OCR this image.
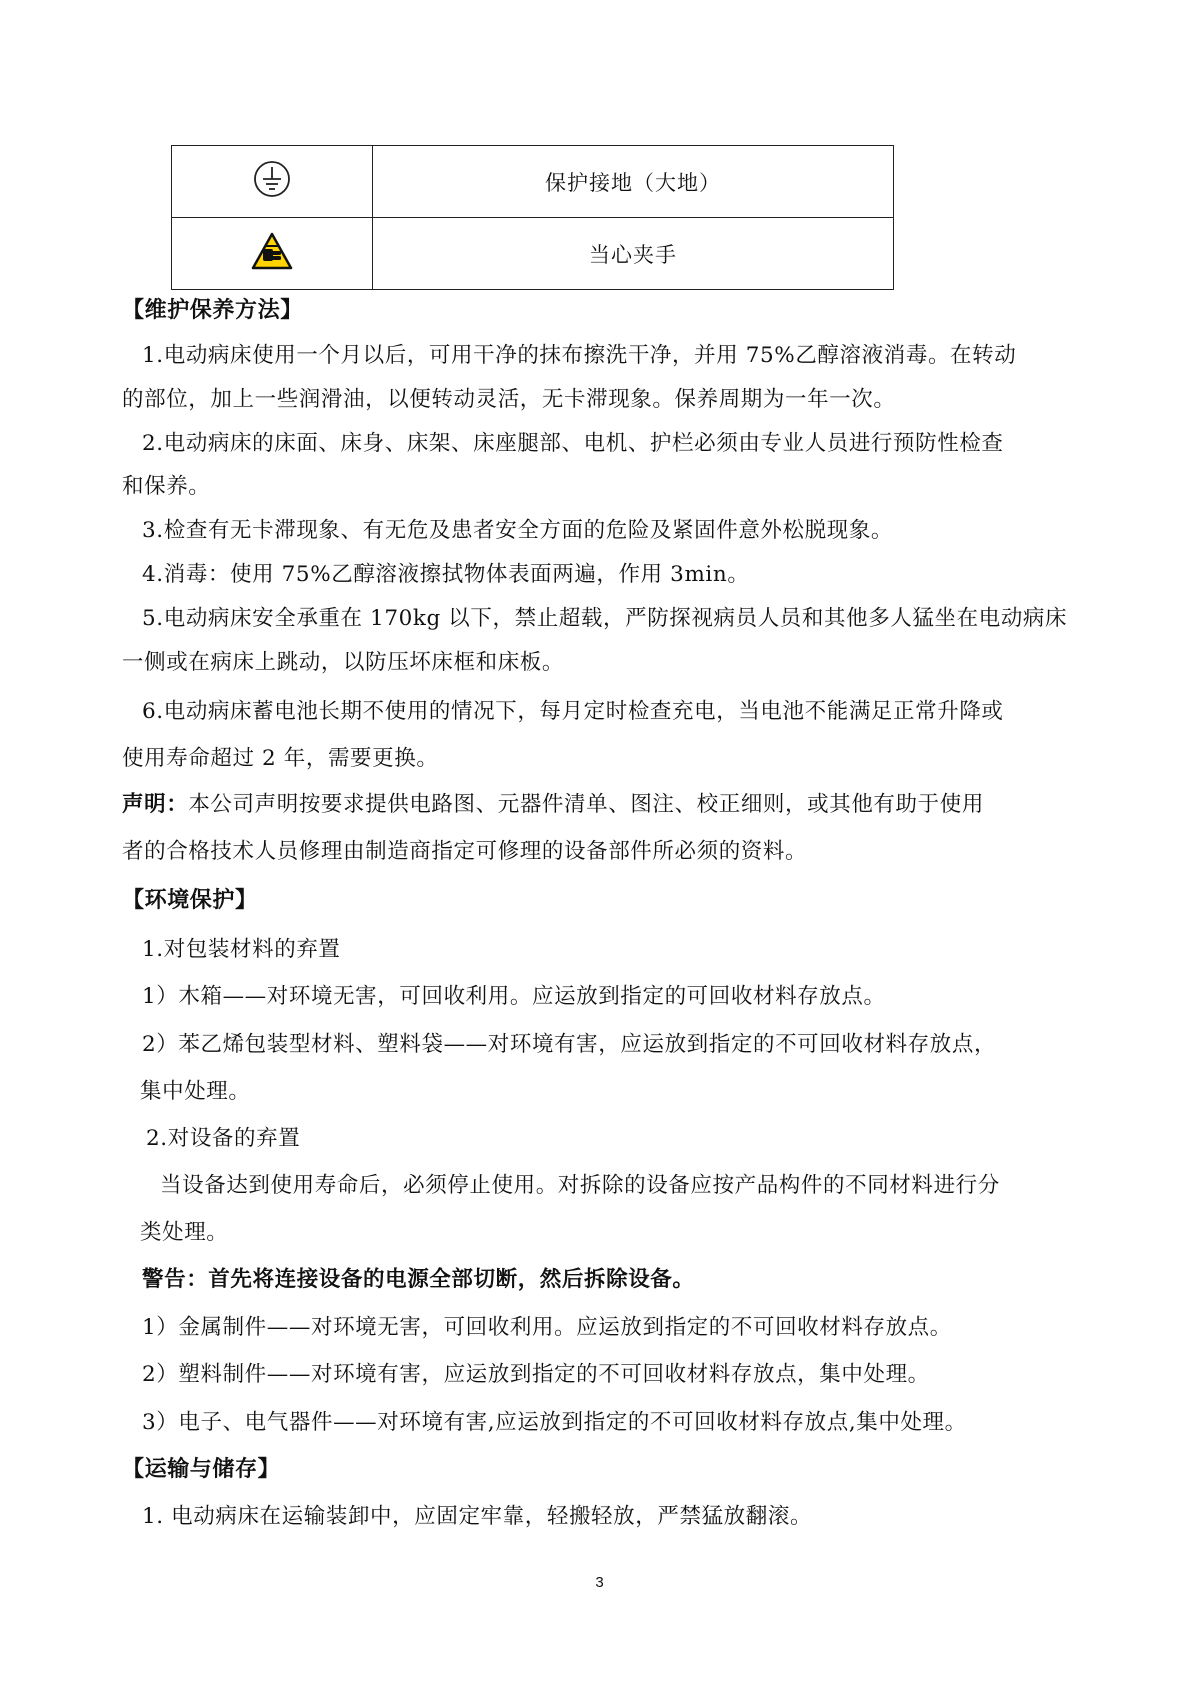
	保护接地（大地）
	当心夹手
【维护保养方法】
1.电动病床使用一个月以后，可用干净的抹布擦洗干净，并用 75%乙醇溶液消毒。在转动
的部位，加上一些润滑油，以便转动灵活，无卡滞现象。保养周期为一年一次。
2.电动病床的床面、床身、床架、床座腿部、电机、护栏必须由专业人员进行预防性检查
和保养。
3.检查有无卡滞现象、有无危及患者安全方面的危险及紧固件意外松脱现象。
4.消毒：使用 75%乙醇溶液擦拭物体表面两遍，作用 3min。
5.电动病床安全承重在 170kg 以下，禁止超载，严防探视病员人员和其他多人猛坐在电动病床
一侧或在病床上跳动，以防压坏床框和床板。
6.电动病床蓄电池长期不使用的情况下，每月定时检查充电，当电池不能满足正常升降或
使用寿命超过 2 年，需要更换。
声明：本公司声明按要求提供电路图、元器件清单、图注、校正细则，或其他有助于使用
者的合格技术人员修理由制造商指定可修理的设备部件所必须的资料。
【环境保护】
1.对包装材料的弃置
1）木箱——对环境无害，可回收利用。应运放到指定的可回收材料存放点。
2）苯乙烯包装型材料、塑料袋——对环境有害，应运放到指定的不可回收材料存放点，
集中处理。
2.对设备的弃置
当设备达到使用寿命后，必须停止使用。对拆除的设备应按产品构件的不同材料进行分
类处理。
警告：首先将连接设备的电源全部切断，然后拆除设备。
1）金属制件——对环境无害，可回收利用。应运放到指定的不可回收材料存放点。
2）塑料制件——对环境有害，应运放到指定的不可回收材料存放点，集中处理。
3）电子、电气器件——对环境有害,应运放到指定的不可回收材料存放点,集中处理。
【运输与储存】
1. 电动病床在运输装卸中，应固定牢靠，轻搬轻放，严禁猛放翻滚。
3
